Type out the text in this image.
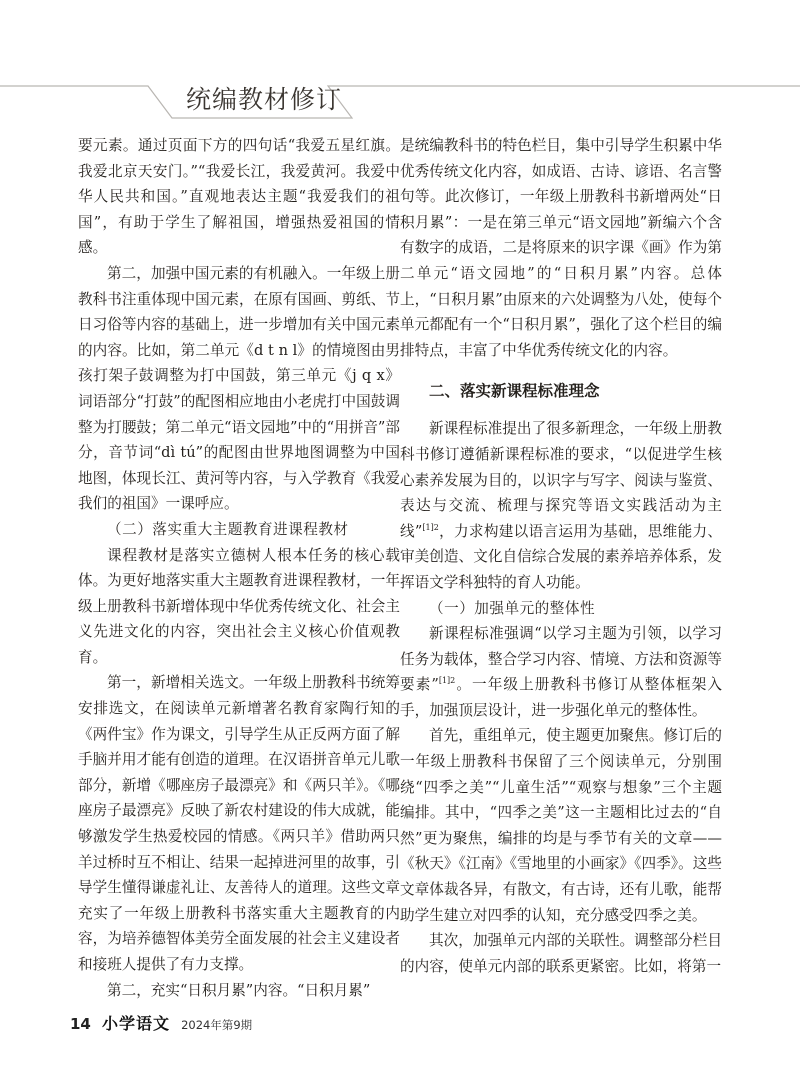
统编教材修订

要元素。通过页面下方的四句话“我爱五星红旗。我爱北京天安门。”“我爱长江，我爱黄河。我爱中华人民共和国。”直观地表达主题“我爱我们的祖国”，有助于学生了解祖国，增强热爱祖国的情感。

第二，加强中国元素的有机融入。一年级上册教科书注重体现中国元素，在原有国画、剪纸、节日习俗等内容的基础上，进一步增加有关中国元素的内容。比如，第二单元《d t n l》的情境图由男孩打架子鼓调整为打中国鼓，第三单元《j q x》词语部分“打鼓”的配图相应地由小老虎打中国鼓调整为打腰鼓；第二单元“语文园地”中的“用拼音”部分，音节词“dì tú”的配图由世界地图调整为中国地图，体现长江、黄河等内容，与入学教育《我爱我们的祖国》一课呼应。

（二）落实重大主题教育进课程教材

课程教材是落实立德树人根本任务的核心载体。为更好地落实重大主题教育进课程教材，一年级上册教科书新增体现中华优秀传统文化、社会主义先进文化的内容，突出社会主义核心价值观教育。

第一，新增相关选文。一年级上册教科书统筹安排选文，在阅读单元新增著名教育家陶行知的《两件宝》作为课文，引导学生从正反两方面了解手脑并用才能有创造的道理。在汉语拼音单元儿歌部分，新增《哪座房子最漂亮》和《两只羊》。《哪座房子最漂亮》反映了新农村建设的伟大成就，能够激发学生热爱校园的情感。《两只羊》借助两只羊过桥时互不相让、结果一起掉进河里的故事，引导学生懂得谦虚礼让、友善待人的道理。这些文章充实了一年级上册教科书落实重大主题教育的内容，为培养德智体美劳全面发展的社会主义建设者和接班人提供了有力支撑。

第二，充实“日积月累”内容。“日积月累”

是统编教科书的特色栏目，集中引导学生积累中华优秀传统文化内容，如成语、古诗、谚语、名言警句等。此次修订，一年级上册教科书新增两处“日积月累”：一是在第三单元“语文园地”新编六个含有数字的成语，二是将原来的识字课《画》作为第二单元“语文园地”的“日积月累”内容。总体上，“日积月累”由原来的六处调整为八处，使每个单元都配有一个“日积月累”，强化了这个栏目的编排特点，丰富了中华优秀传统文化的内容。

二、落实新课程标准理念

新课程标准提出了很多新理念，一年级上册教科书修订遵循新课程标准的要求，“以促进学生核心素养发展为目的，以识字与写字、阅读与鉴赏、表达与交流、梳理与探究等语文实践活动为主线”$^{[1]2}$，力求构建以语言运用为基础，思维能力、审美创造、文化自信综合发展的素养培养体系，发挥语文学科独特的育人功能。

（一）加强单元的整体性

新课程标准强调“以学习主题为引领，以学习任务为载体，整合学习内容、情境、方法和资源等要素”$^{[1]2}$。一年级上册教科书修订从整体框架入手，加强顶层设计，进一步强化单元的整体性。

首先，重组单元，使主题更加聚焦。修订后的一年级上册教科书保留了三个阅读单元，分别围绕“四季之美”“儿童生活”“观察与想象”三个主题编排。其中，“四季之美”这一主题相比过去的“自然”更为聚焦，编排的均是与季节有关的文章——《秋天》《江南》《雪地里的小画家》《四季》。这些文章体裁各异，有散文，有古诗，还有儿歌，能帮助学生建立对四季的认知，充分感受四季之美。

其次，加强单元内部的关联性。调整部分栏目的内容，使单元内部的联系更紧密。比如，将第一

14 小学语文 2024年第9期
